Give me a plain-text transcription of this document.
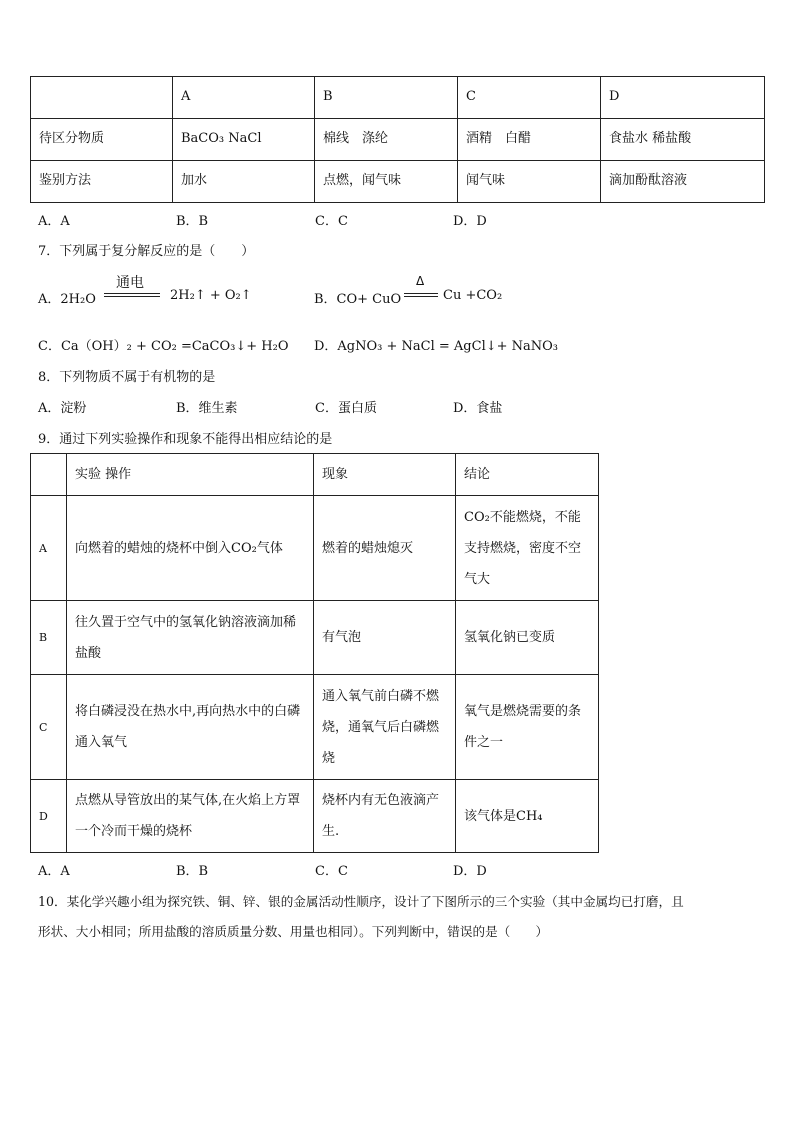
	A	B	C	D
待区分物质	BaCO₃ NaCl	棉线　涤纶	酒精　白醋	食盐水 稀盐酸
鉴别方法	加水	点燃，闻气味	闻气味	滴加酚酞溶液
A．A	B．B	C．C	D．D
7．下列属于复分解反应的是（　　）
A．2H₂O
通电
2H₂↑ + O₂↑	B．CO+ CuO
Δ
Cu +CO₂
C．Ca（OH）₂ + CO₂ =CaCO₃↓+ H₂O D．AgNO₃ + NaCl = AgCl↓+ NaNO₃
8．下列物质不属于有机物的是
A．淀粉	B．维生素	C．蛋白质	D．食盐
9．通过下列实验操作和现象不能得出相应结论的是
	实验 操作	现象	结论
A	向燃着的蜡烛的烧杯中倒入CO₂气体	燃着的蜡烛熄灭	CO₂不能燃烧，不能支持燃烧，密度不空气大
B	往久置于空气中的氢氧化钠溶液滴加稀盐酸	有气泡	氢氧化钠已变质
C	将白磷浸没在热水中,再向热水中的白磷通入氧气	通入氧气前白磷不燃烧，通氧气后白磷燃烧	氧气是燃烧需要的条件之一
D	点燃从导管放出的某气体,在火焰上方罩一个冷而干燥的烧杯	烧杯内有无色液滴产生.	该气体是CH₄
A．A	B．B	C．C	D．D
10．某化学兴趣小组为探究铁、铜、锌、银的金属活动性顺序，设计了下图所示的三个实验（其中金属均已打磨，且
形状、大小相同；所用盐酸的溶质质量分数、用量也相同）。下列判断中，错误的是（　　）
